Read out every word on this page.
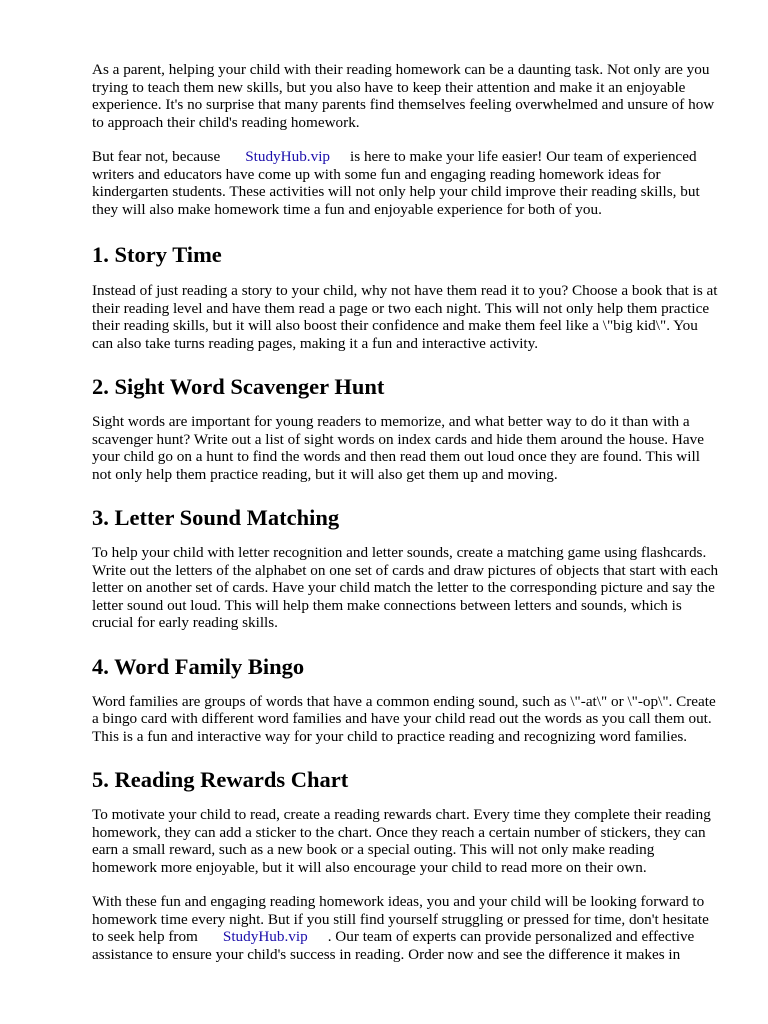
As a parent, helping your child with their reading homework can be a daunting task. Not only are you trying to teach them new skills, but you also have to keep their attention and make it an enjoyable experience. It's no surprise that many parents find themselves feeling overwhelmed and unsure of how to approach their child's reading homework.

But fear not, because StudyHub.vip is here to make your life easier! Our team of experienced writers and educators have come up with some fun and engaging reading homework ideas for kindergarten students. These activities will not only help your child improve their reading skills, but they will also make homework time a fun and enjoyable experience for both of you.

1. Story Time

Instead of just reading a story to your child, why not have them read it to you? Choose a book that is at their reading level and have them read a page or two each night. This will not only help them practice their reading skills, but it will also boost their confidence and make them feel like a \"big kid\". You can also take turns reading pages, making it a fun and interactive activity.

2. Sight Word Scavenger Hunt

Sight words are important for young readers to memorize, and what better way to do it than with a scavenger hunt? Write out a list of sight words on index cards and hide them around the house. Have your child go on a hunt to find the words and then read them out loud once they are found. This will not only help them practice reading, but it will also get them up and moving.

3. Letter Sound Matching

To help your child with letter recognition and letter sounds, create a matching game using flashcards. Write out the letters of the alphabet on one set of cards and draw pictures of objects that start with each letter on another set of cards. Have your child match the letter to the corresponding picture and say the letter sound out loud. This will help them make connections between letters and sounds, which is crucial for early reading skills.

4. Word Family Bingo

Word families are groups of words that have a common ending sound, such as \"-at\" or \"-op\". Create a bingo card with different word families and have your child read out the words as you call them out. This is a fun and interactive way for your child to practice reading and recognizing word families.

5. Reading Rewards Chart

To motivate your child to read, create a reading rewards chart. Every time they complete their reading homework, they can add a sticker to the chart. Once they reach a certain number of stickers, they can earn a small reward, such as a new book or a special outing. This will not only make reading homework more enjoyable, but it will also encourage your child to read more on their own.

With these fun and engaging reading homework ideas, you and your child will be looking forward to homework time every night. But if you still find yourself struggling or pressed for time, don't hesitate to seek help from StudyHub.vip . Our team of experts can provide personalized and effective assistance to ensure your child's success in reading. Order now and see the difference it makes in
